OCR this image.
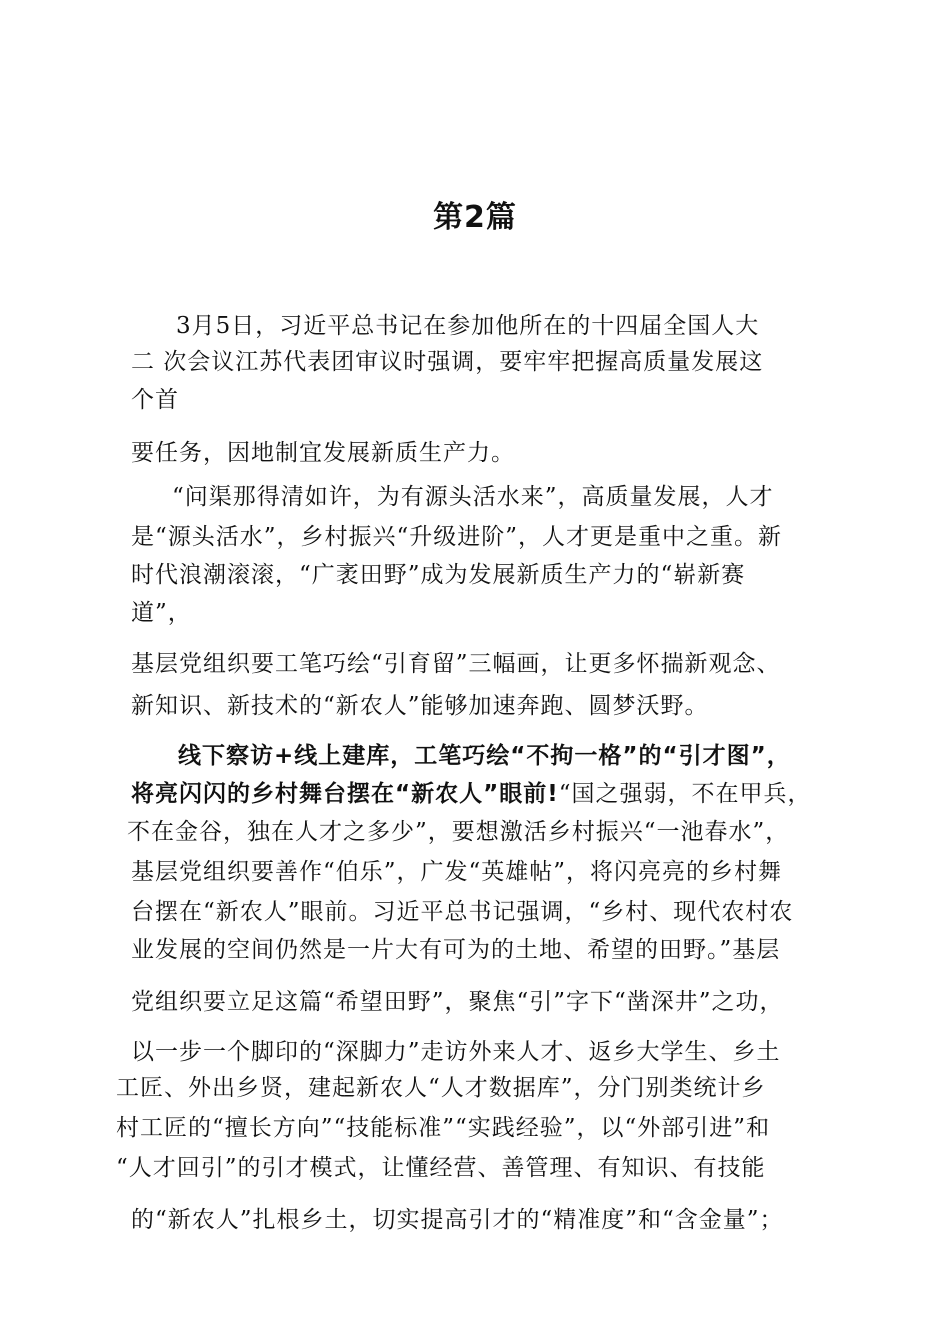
第2篇
3月5日，习近平总书记在参加他所在的十四届全国人大
二 次会议江苏代表团审议时强调，要牢牢把握高质量发展这
个首
要任务，因地制宜发展新质生产力。
“问渠那得清如许，为有源头活水来”，高质量发展，人才
是“源头活水”，乡村振兴“升级进阶”，人才更是重中之重。新
时代浪潮滚滚，“广袤田野”成为发展新质生产力的“崭新赛
道”，
基层党组织要工笔巧绘“引育留”三幅画，让更多怀揣新观念、
新知识、新技术的“新农人”能够加速奔跑、圆梦沃野。
线下察访+线上建库，工笔巧绘“不拘一格”的“引才图”，
将亮闪闪的乡村舞台摆在“新农人”眼前!“国之强弱，不在甲兵，
不在金谷，独在人才之多少”，要想激活乡村振兴“一池春水”，
基层党组织要善作“伯乐”，广发“英雄帖”，将闪亮亮的乡村舞
台摆在“新农人”眼前。习近平总书记强调，“乡村、现代农村农
业发展的空间仍然是一片大有可为的土地、希望的田野。”基层
党组织要立足这篇“希望田野”，聚焦“引”字下“凿深井”之功，
以一步一个脚印的“深脚力”走访外来人才、返乡大学生、乡土
工匠、外出乡贤，建起新农人“人才数据库”，分门别类统计乡
村工匠的“擅长方向”“技能标准”“实践经验”，以“外部引进”和
“人才回引”的引才模式，让懂经营、善管理、有知识、有技能
的“新农人”扎根乡土，切实提高引才的“精准度”和“含金量”；
